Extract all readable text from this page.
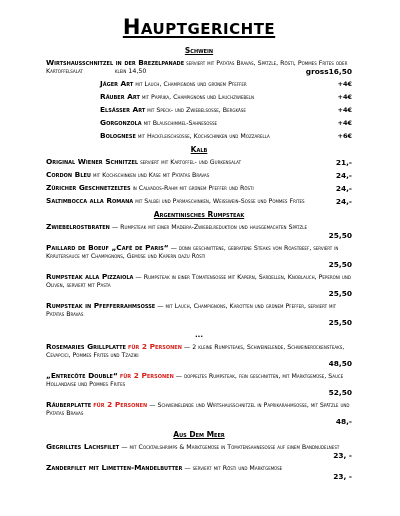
Hauptgerichte
Schwein
Wirtshausschnitzel in der Brezelpanade serviert mit Patatas Bravas, Spätzle, Rösti, Pommes Frites oder Kartoffelsalat	klein 14,50	gross16,50
Jäger Art mit Lauch, Champignons und grünem Pfeffer	+4€
Räuber Art mit Paprika, Champignons und Lauchzwiebeln	+4€
Elsässer Art mit Speck- und Zwiebelsosse, Bergkäse	+4€
Gorgonzola mit Blauschimmel-Sahnesosse	+4€
Bolognese mit Hackfleischsosse, Kochschinken und Mozzarella	+6€
Kalb
Original Wiener Schnitzel serviert mit Kartoffel- und Gurkensalat	21,-
Cordon Bleu mit Kochschinken und Käse mit Patatas Bravas	24,-
Züricher Geschnetzeltes in Calvados-Rahm mit grünem Pfeffer und Rösti	24,-
Saltimbocca alla Romana mit Salbei und Parmaschinken, Weisswein-Sosse und Pommes Frites	24,-
Argentinisches Rumpsteak
Zwiebelrostbraten — Rumpsteak mit einer Madeira-Zwiebelreduktion und hausgemachten Spätzle
25,50
Paillard de Boeuf „Café de Paris“ — dünn geschnittene, gebratene Steaks vom Roastbeef, serviert in Kräutersauce mit Champignons, Gemüse und Kapern dazu Rösti
25,50
Rumpsteak alla Pizzaiola — Rumpsteak in einer Tomatensosse mit Kapern, Sardellen, Knoblauch, Peperoni und Oliven, serviert mit Pasta
25,50
Rumpsteak in Pfefferrahmsosse — mit Lauch, Champignons, Karotten und grünem Pfeffer, serviert mit Patatas Bravas
25,50
...
Rosemaries Grillplatte für 2 Personen — 2 kleine Rumpsteaks, Schweinelende, Schweinerückensteaks, Cevapcici, Pommes Frites und Tzaziki
48,50
„Entrecôte Double“ für 2 Personen — doppeltes Rumpsteak, fein geschnitten, mit Marktgemüse, Sauce Hollandaise und Pommes Frites
52,50
Räuberplatte für 2 Personen — Schweinelende und Wirtshausschnitzel in Paprikarahmsosse, mit Spätzle und Patatas Bravas
48,-
Aus Dem Meer
Gegrilltes Lachsfilet — mit Cocktailshrimps & Marktgemüse in Tomatensahnesosse auf einem Bandnudelnest
23, -
Zanderfilet mit Limetten-Mandelbutter — serviert mit Rösti und Marktgemüse
23, -
